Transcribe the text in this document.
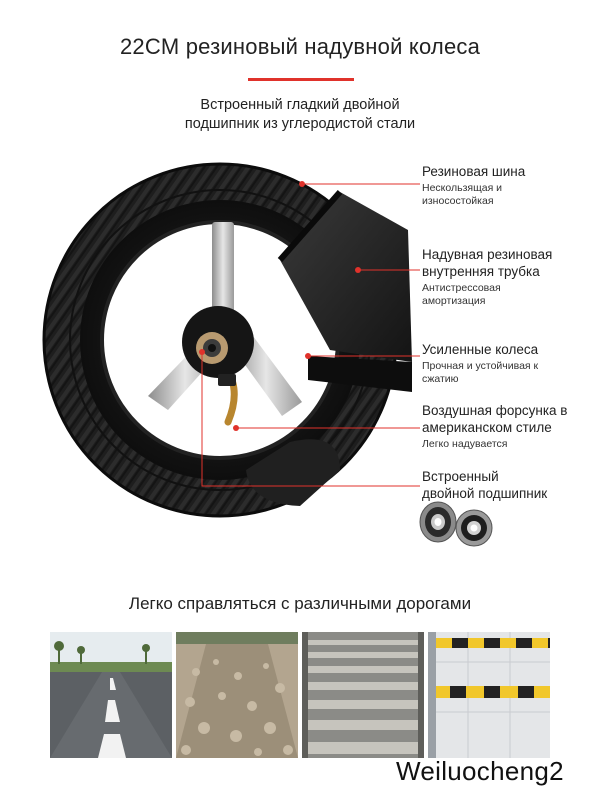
22CM резиновый надувной колеса
Встроенный гладкий двойной
подшипник из углеродистой стали
Резиновая шина
Нескользящая и
износостойкая
Надувная резиновая
внутренняя трубка
Антистрессовая
амортизация
Усиленные колеса
Прочная и устойчивая к
сжатию
Воздушная форсунка в
американском стиле
Легко надувается
Встроенный
двойной подшипник
Легко справляться с различными дорогами
Weiluocheng2
